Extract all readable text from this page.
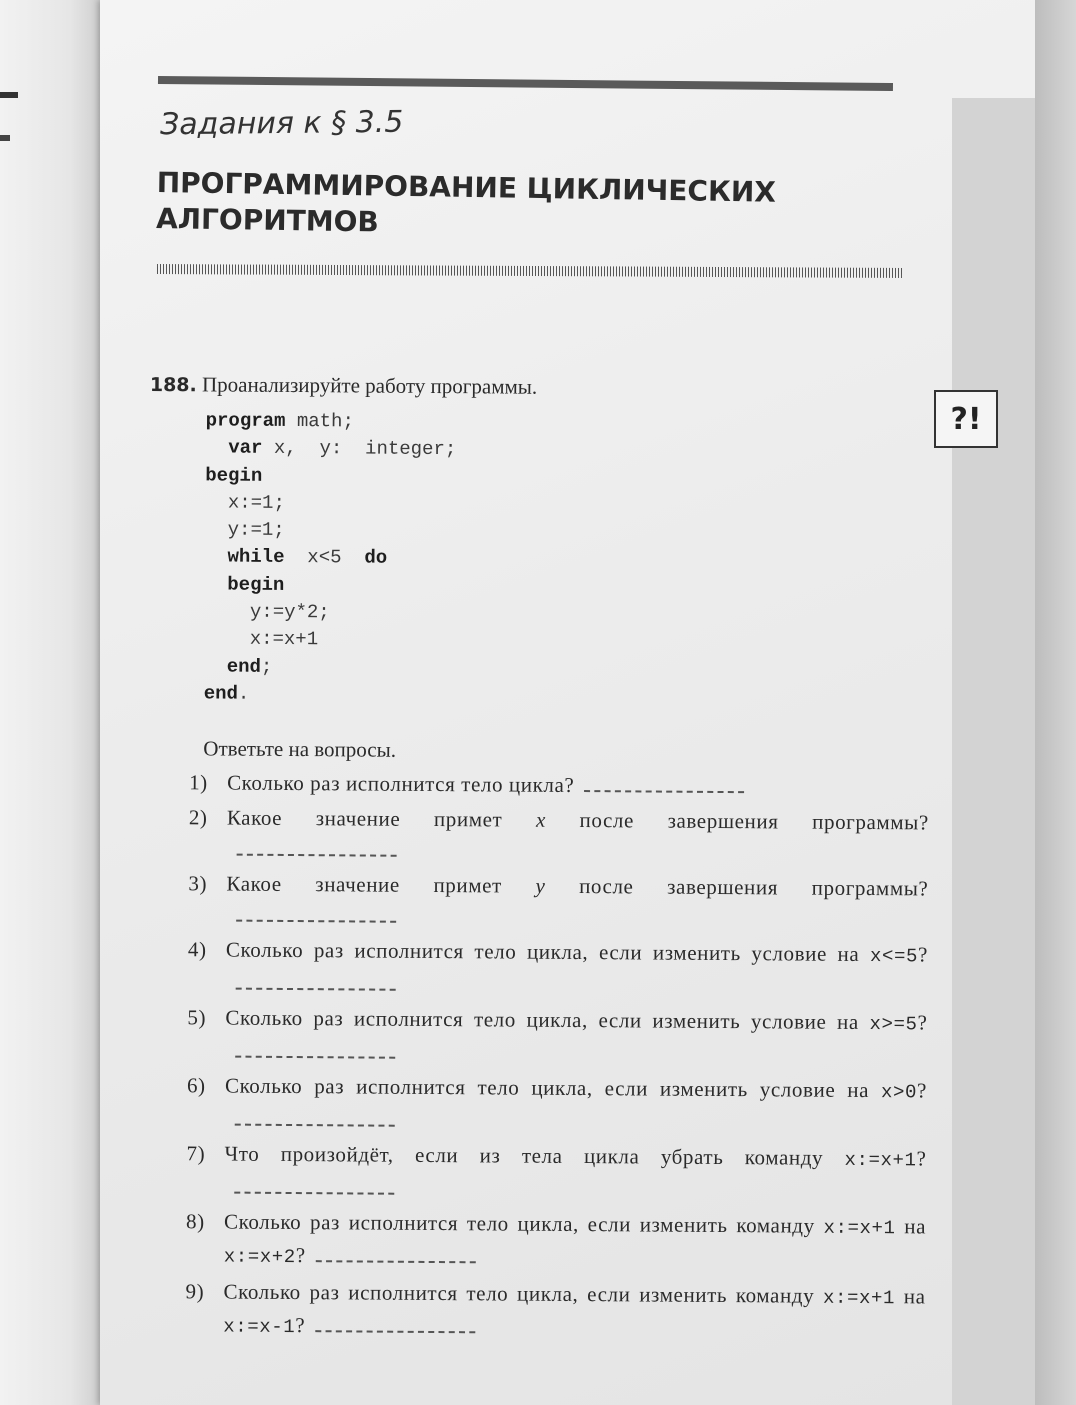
Задания к § 3.5
ПРОГРАММИРОВАНИЕ ЦИКЛИЧЕСКИХ АЛГОРИТМОВ
?!
188. Проанализируйте работу программы.
program math;
var x,  y:  integer;
begin
x:=1;
y:=1;
while  x<5  do
begin
y:=y*2;
x:=x+1
end;
end.
Ответьте на вопросы.
1) Сколько раз исполнится тело цикла?
2) Какое значение примет x после завершения программы?
3) Какое значение примет y после завершения программы?
4) Сколько раз исполнится тело цикла, если изменить условие на x<=5?
5) Сколько раз исполнится тело цикла, если изменить условие на x>=5?
6) Сколько раз исполнится тело цикла, если изменить условие на x>0?
7) Что произойдёт, если из тела цикла убрать команду x:=x+1?
8) Сколько раз исполнится тело цикла, если изменить команду x:=x+1 на x:=x+2?
9) Сколько раз исполнится тело цикла, если изменить команду x:=x+1 на x:=x-1?
